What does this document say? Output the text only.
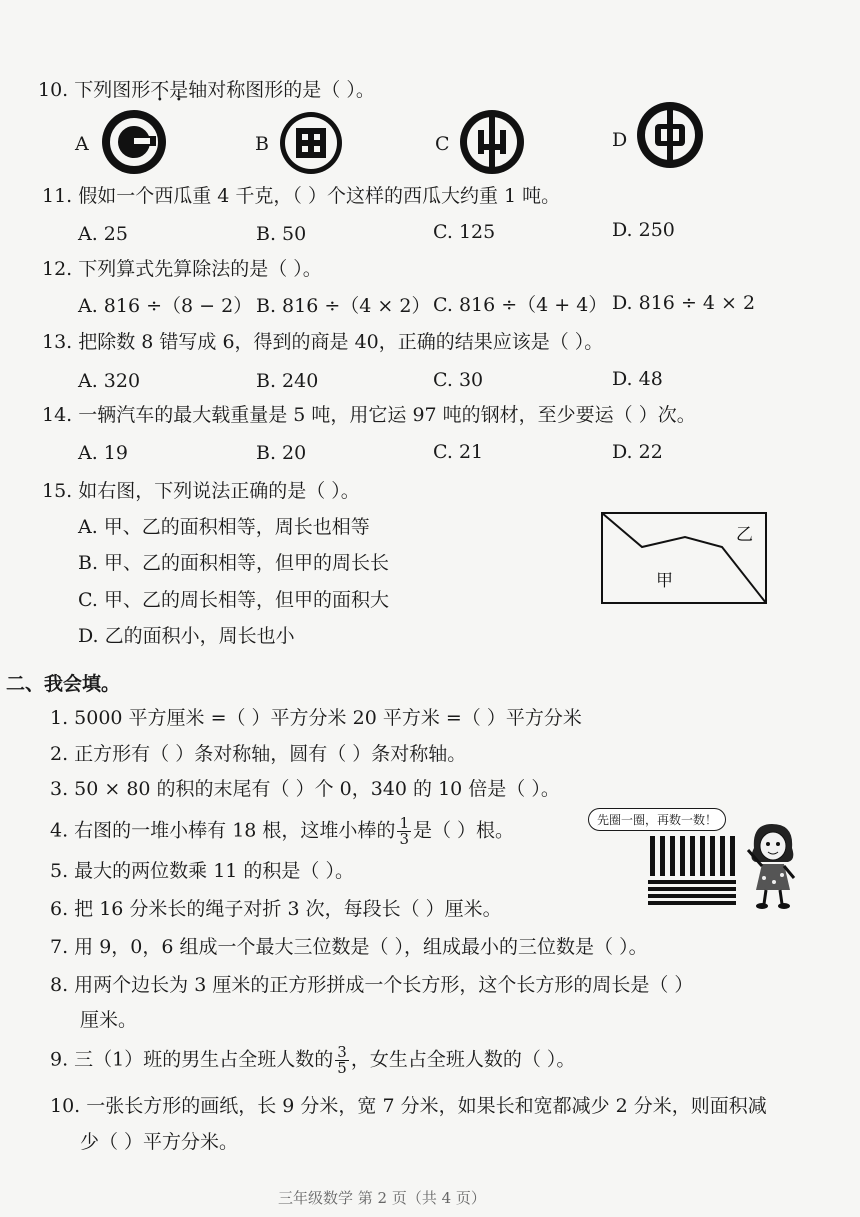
10. 下列图形不是轴对称图形的是（ ）。
A	B	C	D
11. 假如一个西瓜重 4 千克，（ ）个这样的西瓜大约重 1 吨。
A. 25	B. 50	C. 125	D. 250
12. 下列算式先算除法的是（ ）。
A. 816 ÷（8 − 2） B. 816 ÷（4 × 2） C. 816 ÷（4 + 4） D. 816 ÷ 4 × 2
13. 把除数 8 错写成 6，得到的商是 40，正确的结果应该是（ ）。
A. 320	B. 240	C. 30	D. 48
14. 一辆汽车的最大载重量是 5 吨，用它运 97 吨的钢材，至少要运（ ）次。
A. 19	B. 20	C. 21	D. 22
15. 如右图，下列说法正确的是（ ）。
A. 甲、乙的面积相等，周长也相等
B. 甲、乙的面积相等，但甲的周长长
C. 甲、乙的周长相等，但甲的面积大
D. 乙的面积小，周长也小
甲
乙
二、我会填。
1. 5000 平方厘米 =（ ）平方分米 20 平方米 =（ ）平方分米
2. 正方形有（ ）条对称轴，圆有（ ）条对称轴。
3. 50 × 80 的积的末尾有（ ）个 0，340 的 10 倍是（ ）。
4. 右图的一堆小棒有 18 根，这堆小棒的 $\frac{1}{3}$ 是（ ）根。	先圈一圈，再数一数！
5. 最大的两位数乘 11 的积是（ ）。
6. 把 16 分米长的绳子对折 3 次，每段长（ ）厘米。
7. 用 9，0，6 组成一个最大三位数是（ ），组成最小的三位数是（ ）。
8. 用两个边长为 3 厘米的正方形拼成一个长方形，这个长方形的周长是（ ）
厘米。
9. 三（1）班的男生占全班人数的 $\frac{3}{5}$ ，女生占全班人数的（ ）。
10. 一张长方形的画纸，长 9 分米，宽 7 分米，如果长和宽都减少 2 分米，则面积减
少（ ）平方分米。
三年级数学 第 2 页（共 4 页）
